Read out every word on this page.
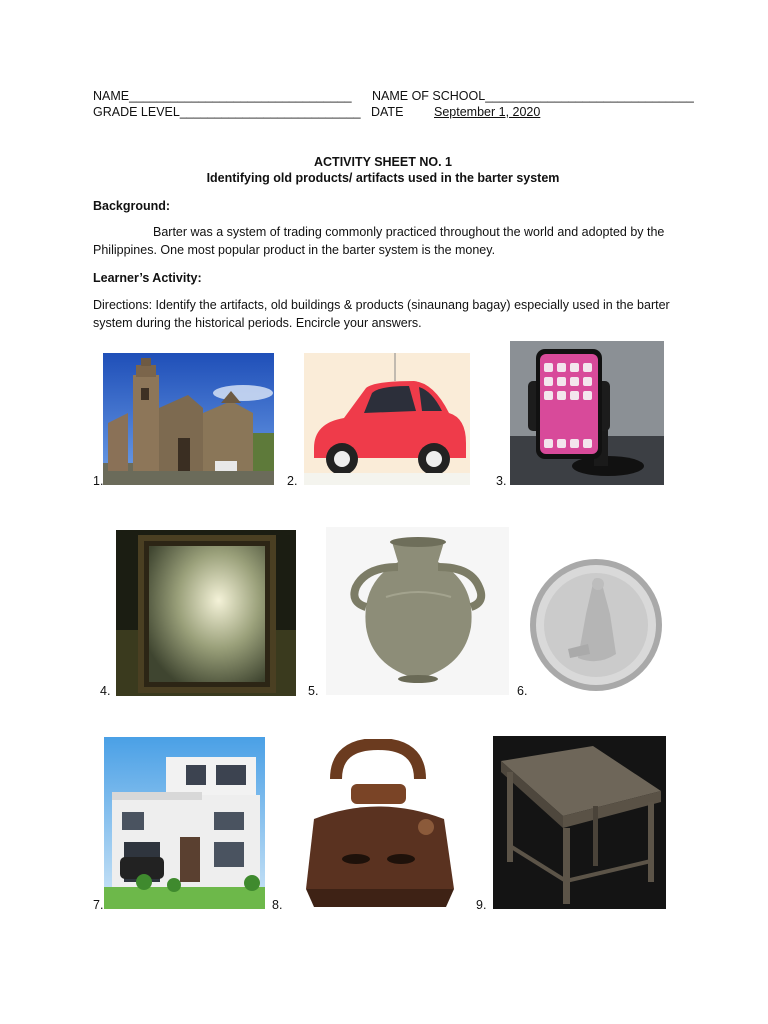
NAME________________________________ NAME OF SCHOOL______________________________
GRADE LEVEL__________________________ DATE September 1, 2020
ACTIVITY SHEET NO. 1
Identifying old products/ artifacts used in the barter system
Background:
Barter was a system of trading commonly practiced throughout the world and adopted by the Philippines. One most popular product in the barter system is the money.
Learner’s Activity:
Directions: Identify the artifacts, old buildings & products (sinaunang bagay) especially used in the barter system during the historical periods. Encircle your answers.
1.	2.	3.
4.	5.	6.
7.	8.	9.
